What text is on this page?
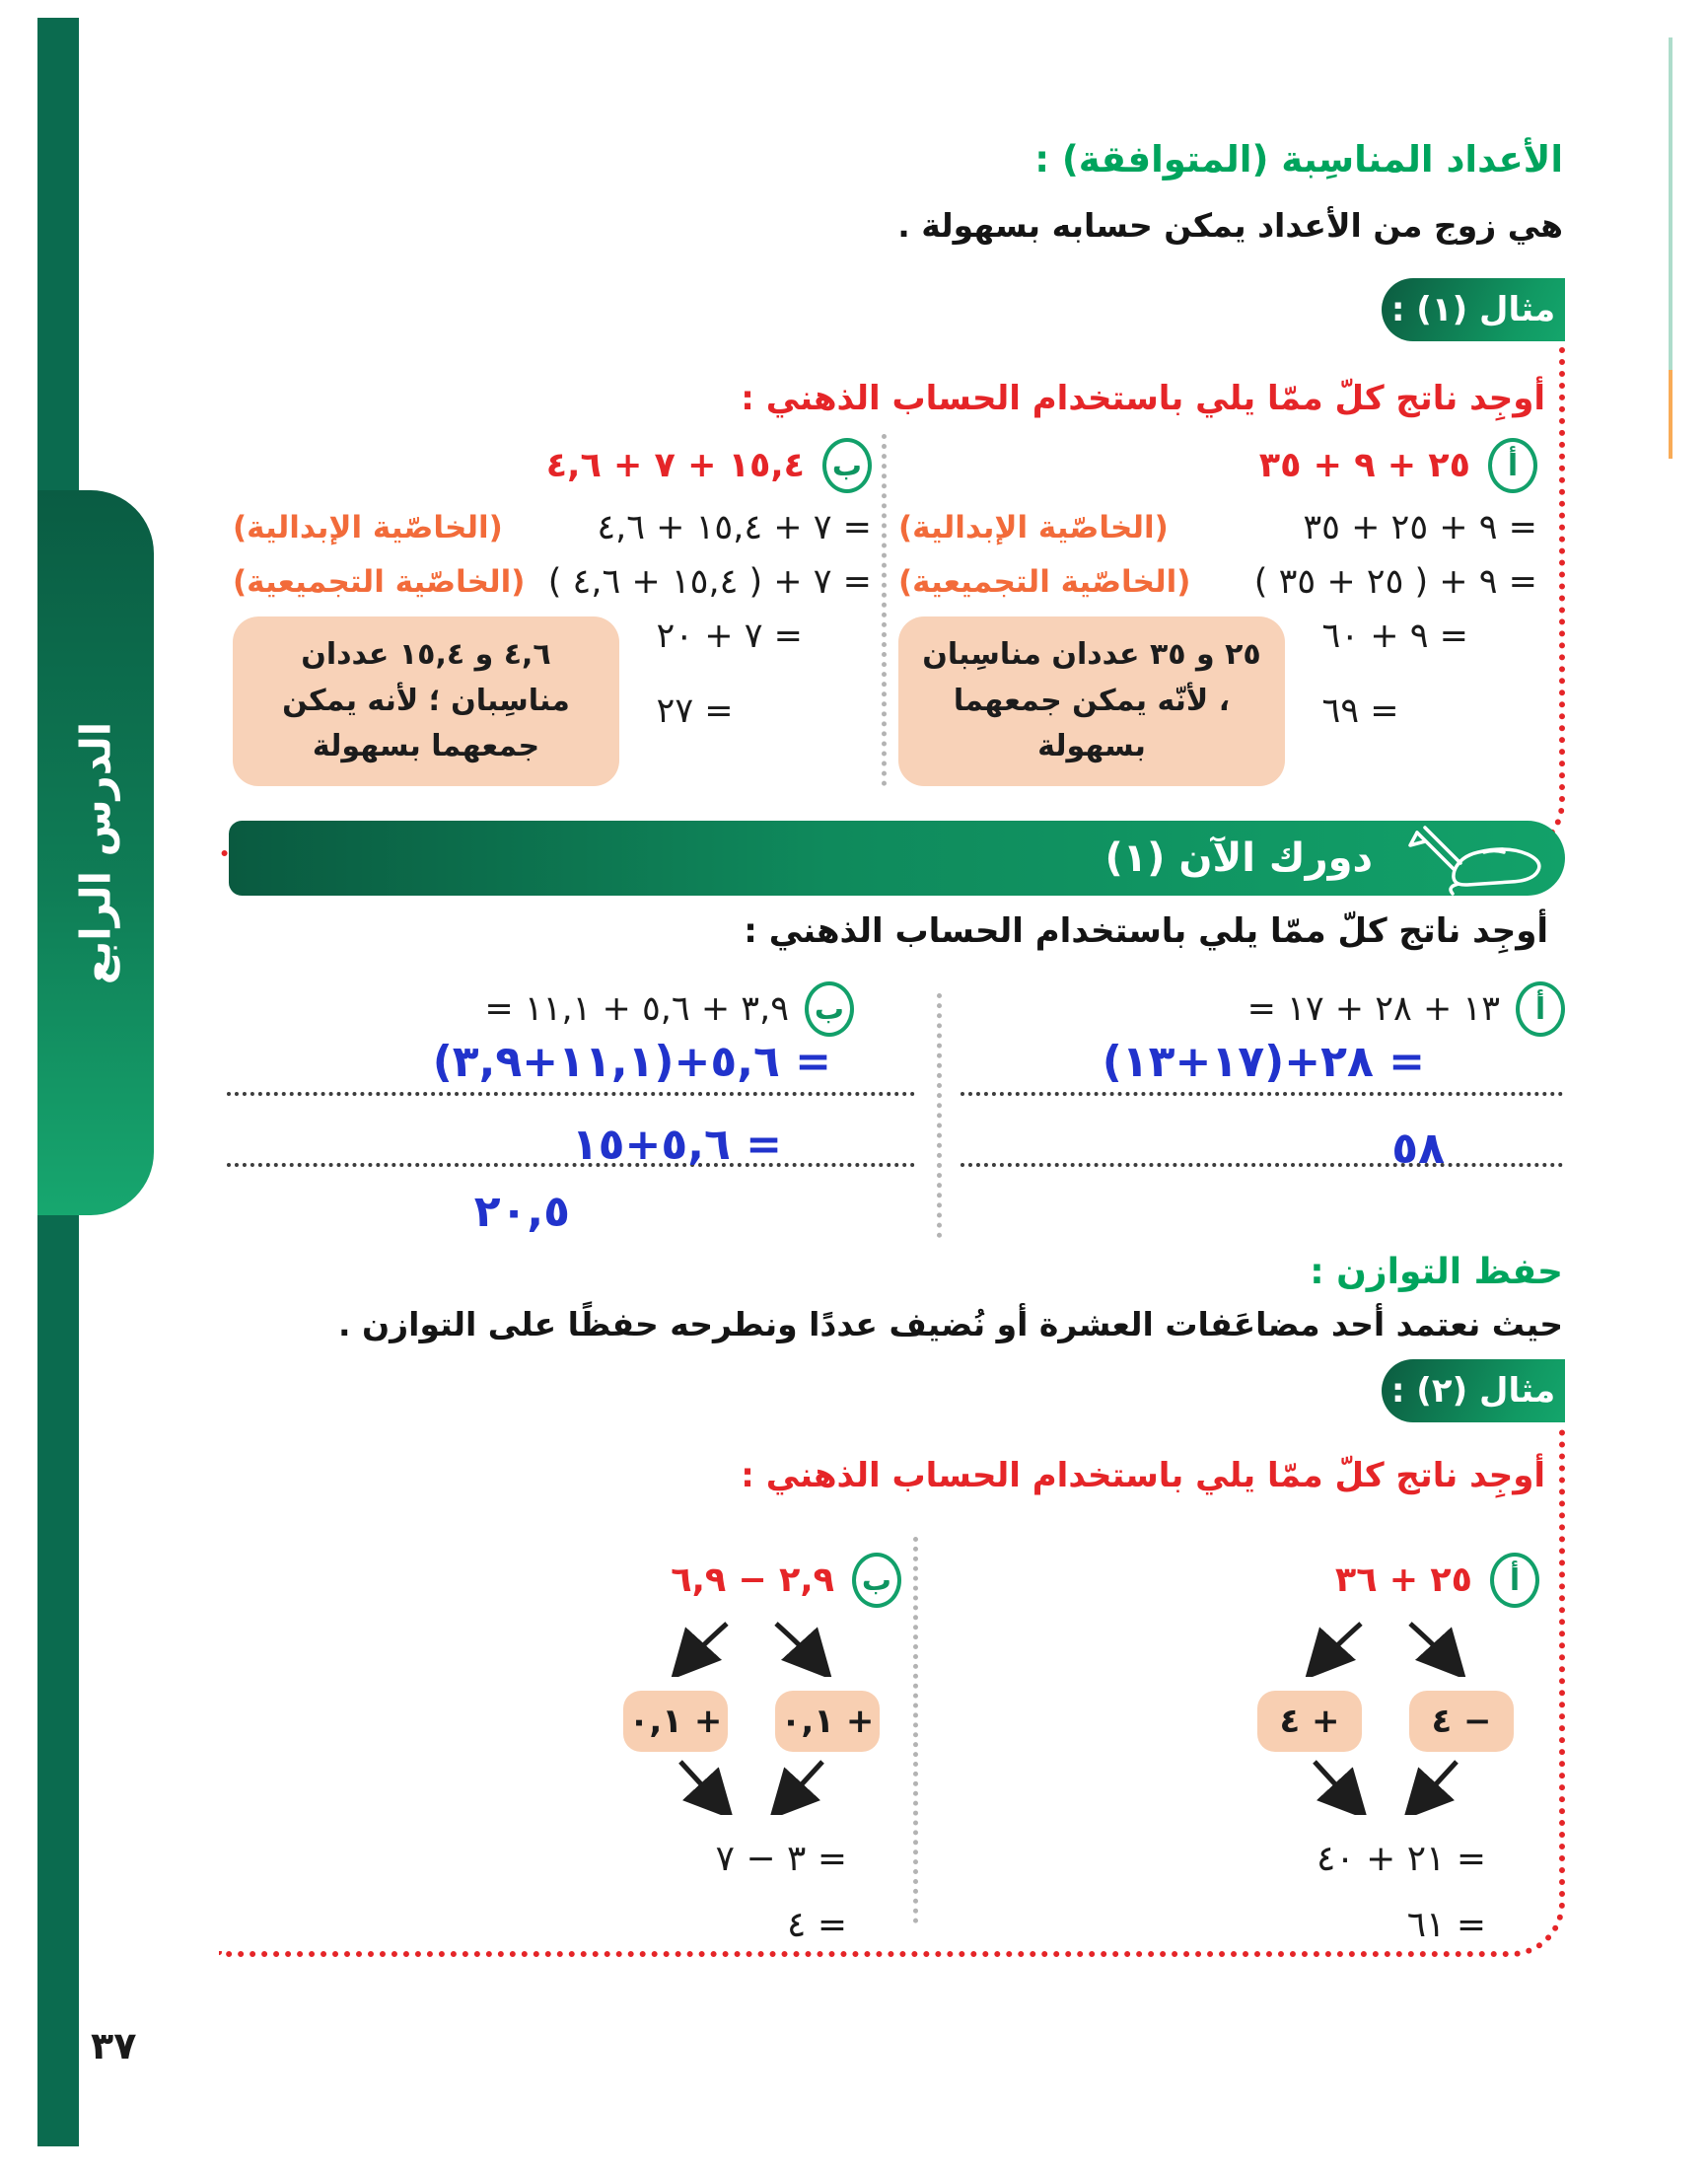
الدرس الرابع
الأعداد المناسِبة (المتوافقة) :
هي زوج من الأعداد يمكن حسابه بسهولة .
مثال (١) :
أوجِد ناتج كلّ ممّا يلي باستخدام الحساب الذهني :
أ
٢٥ + ٩ + ٣٥
٩ + ٢٥ + ٣٥ =
(الخاصّية الإبدالية)
٩ + ( ٢٥ + ٣٥ ) =
(الخاصّية التجميعية)
٩ + ٦٠ =
٦٩ =
٢٥ و ٣٥ عددان مناسِبان ، لأنّه يمكن جمعهما بسهولة
ب
١٥,٤ + ٧ + ٤,٦
٧ + ١٥,٤ + ٤,٦ =
(الخاصّية الإبدالية)
٧ + ( ١٥,٤ + ٤,٦ ) =
(الخاصّية التجميعية)
٧ + ٢٠ =
٢٧ =
٤,٦ و ١٥,٤ عددان مناسِبان ؛ لأنه يمكن جمعهما بسهولة
دورك الآن (١)
أوجِد ناتج كلّ ممّا يلي باستخدام الحساب الذهني :
أ
= ١٣ + ٢٨ + ١٧
(١٧+١٣)+٢٨ =
٥٨
ب
= ٣,٩ + ٥,٦ + ١١,١
(١١,١+٣,٩)+٥,٦ =
٥,٦+١٥ =
٢٠,٥
حفظ التوازن :
حيث نعتمد أحد مضاعَفات العشرة أو نُضيف عددًا ونطرحه حفظًا على التوازن .
مثال (٢) :
أوجِد ناتج كلّ ممّا يلي باستخدام الحساب الذهني :
أ
٢٥ + ٣٦
٤ −
٤ +
٢١ + ٤٠ =
٦١ =
ب
٢,٩ − ٦,٩
٠,١ +
٠,١ +
٣ − ٧ =
٤ =
٣٧
